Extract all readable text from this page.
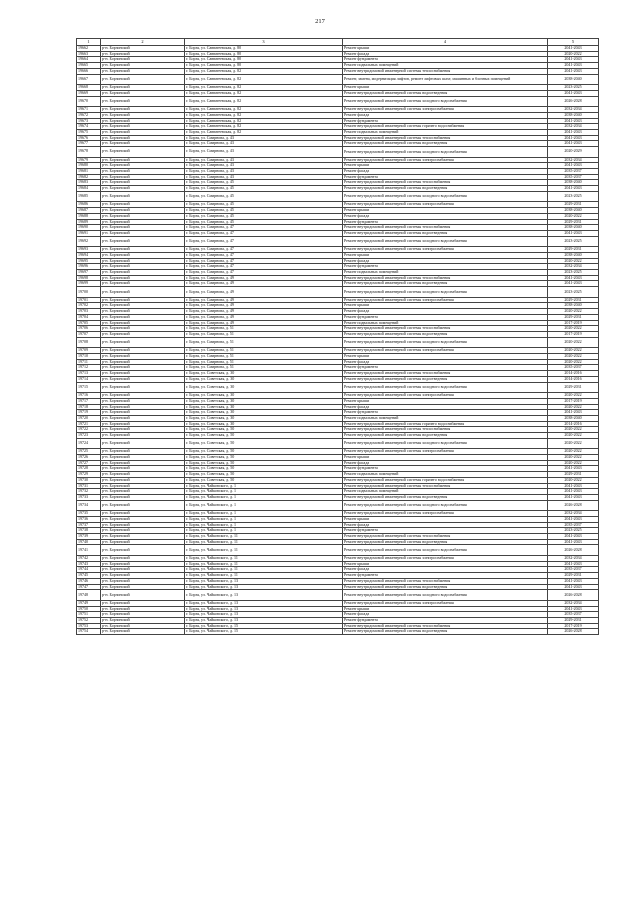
217
1	2	3	4	5
19662	р-н. Борзинский	г. Борзя, ул. Савватеевская, д. 80	Ремонт крыши	2041-2043
19663	р-н. Борзинский	г. Борзя, ул. Савватеевская, д. 80	Ремонт фасада	2020-2022
19664	р-н. Борзинский	г. Борзя, ул. Савватеевская, д. 80	Ремонт фундамента	2041-2043
19665	р-н. Борзинский	г. Борзя, ул. Савватеевская, д. 80	Ремонт подвальных помещений	2041-2043
19666	р-н. Борзинский	г. Борзя, ул. Савватеевская, д. 82	Ремонт внутридомовой инженерной системы теплоснабжения	2041-2043
19667	р-н. Борзинский	г. Борзя, ул. Савватеевская, д. 82	Ремонт, замена, модернизация лифтов, ремонт лифтовых шахт, машинных и блочных помещений	2038-2040
19668	р-н. Борзинский	г. Борзя, ул. Савватеевская, д. 82	Ремонт крыши	2023-2025
19669	р-н. Борзинский	г. Борзя, ул. Савватеевская, д. 82	Ремонт внутридомовой инженерной системы водоотведения	2041-2043
19670	р-н. Борзинский	г. Борзя, ул. Савватеевская, д. 82	Ремонт внутридомовой инженерной системы холодного водоснабжения	2026-2028
19671	р-н. Борзинский	г. Борзя, ул. Савватеевская, д. 82	Ремонт внутридомовой инженерной системы электроснабжения	2032-2034
19672	р-н. Борзинский	г. Борзя, ул. Савватеевская, д. 82	Ремонт фасада	2038-2040
19673	р-н. Борзинский	г. Борзя, ул. Савватеевская, д. 82	Ремонт фундамента	2041-2043
19674	р-н. Борзинский	г. Борзя, ул. Савватеевская, д. 82	Ремонт внутридомовой инженерной системы горячего водоснабжения	2032-2034
19675	р-н. Борзинский	г. Борзя, ул. Савватеевская, д. 82	Ремонт подвальных помещений	2041-2043
19676	р-н. Борзинский	г. Борзя, ул. Смирнова, д. 43	Ремонт внутридомовой инженерной системы теплоснабжения	2041-2043
19677	р-н. Борзинский	г. Борзя, ул. Смирнова, д. 43	Ремонт внутридомовой инженерной системы водоотведения	2041-2043
19678	р-н. Борзинский	г. Борзя, ул. Смирнова, д. 43	Ремонт внутридомовой инженерной системы холодного водоснабжения	2020-2029
19679	р-н. Борзинский	г. Борзя, ул. Смирнова, д. 43	Ремонт внутридомовой инженерной системы электроснабжения	2032-2034
19680	р-н. Борзинский	г. Борзя, ул. Смирнова, д. 43	Ремонт крыши	2041-2043
19681	р-н. Борзинский	г. Борзя, ул. Смирнова, д. 43	Ремонт фасада	2035-2037
19682	р-н. Борзинский	г. Борзя, ул. Смирнова, д. 43	Ремонт фундамента	2035-2037
19683	р-н. Борзинский	г. Борзя, ул. Смирнова, д. 45	Ремонт внутридомовой инженерной системы теплоснабжения	2038-2040
19684	р-н. Борзинский	г. Борзя, ул. Смирнова, д. 45	Ремонт внутридомовой инженерной системы водоотведения	2041-2043
19685	р-н. Борзинский	г. Борзя, ул. Смирнова, д. 45	Ремонт внутридомовой инженерной системы холодного водоснабжения	2023-2025
19686	р-н. Борзинский	г. Борзя, ул. Смирнова, д. 45	Ремонт внутридомовой инженерной системы электроснабжения	2029-2031
19687	р-н. Борзинский	г. Борзя, ул. Смирнова, д. 45	Ремонт крыши	2038-2040
19688	р-н. Борзинский	г. Борзя, ул. Смирнова, д. 45	Ремонт фасада	2020-2022
19689	р-н. Борзинский	г. Борзя, ул. Смирнова, д. 45	Ремонт фундамента	2029-2031
19690	р-н. Борзинский	г. Борзя, ул. Смирнова, д. 47	Ремонт внутридомовой инженерной системы теплоснабжения	2038-2040
19691	р-н. Борзинский	г. Борзя, ул. Смирнова, д. 47	Ремонт внутридомовой инженерной системы водоотведения	2041-2043
19692	р-н. Борзинский	г. Борзя, ул. Смирнова, д. 47	Ремонт внутридомовой инженерной системы холодного водоснабжения	2023-2025
19693	р-н. Борзинский	г. Борзя, ул. Смирнова, д. 47	Ремонт внутридомовой инженерной системы электроснабжения	2029-2031
19694	р-н. Борзинский	г. Борзя, ул. Смирнова, д. 47	Ремонт крыши	2038-2040
19695	р-н. Борзинский	г. Борзя, ул. Смирнова, д. 47	Ремонт фасада	2020-2022
19696	р-н. Борзинский	г. Борзя, ул. Смирнова, д. 47	Ремонт фундамента	2032-2034
19697	р-н. Борзинский	г. Борзя, ул. Смирнова, д. 47	Ремонт подвальных помещений	2023-2025
19698	р-н. Борзинский	г. Борзя, ул. Смирнова, д. 49	Ремонт внутридомовой инженерной системы теплоснабжения	2041-2043
19699	р-н. Борзинский	г. Борзя, ул. Смирнова, д. 49	Ремонт внутридомовой инженерной системы водоотведения	2041-2043
19700	р-н. Борзинский	г. Борзя, ул. Смирнова, д. 49	Ремонт внутридомовой инженерной системы холодного водоснабжения	2023-2025
19701	р-н. Борзинский	г. Борзя, ул. Смирнова, д. 49	Ремонт внутридомовой инженерной системы электроснабжения	2029-2031
19702	р-н. Борзинский	г. Борзя, ул. Смирнова, д. 49	Ремонт крыши	2038-2040
19703	р-н. Борзинский	г. Борзя, ул. Смирнова, д. 49	Ремонт фасада	2020-2022
19704	р-н. Борзинский	г. Борзя, ул. Смирнова, д. 49	Ремонт фундамента	2029-2031
19705	р-н. Борзинский	г. Борзя, ул. Смирнова, д. 49	Ремонт подвальных помещений	2017-2019
19706	р-н. Борзинский	г. Борзя, ул. Смирнова, д. 51	Ремонт внутридомовой инженерной системы теплоснабжения	2020-2022
19707	р-н. Борзинский	г. Борзя, ул. Смирнова, д. 51	Ремонт внутридомовой инженерной системы водоотведения	2017-2019
19708	р-н. Борзинский	г. Борзя, ул. Смирнова, д. 51	Ремонт внутридомовой инженерной системы холодного водоснабжения	2020-2022
19709	р-н. Борзинский	г. Борзя, ул. Смирнова, д. 51	Ремонт внутридомовой инженерной системы электроснабжения	2020-2022
19710	р-н. Борзинский	г. Борзя, ул. Смирнова, д. 51	Ремонт крыши	2020-2022
19711	р-н. Борзинский	г. Борзя, ул. Смирнова, д. 51	Ремонт фасада	2020-2022
19712	р-н. Борзинский	г. Борзя, ул. Смирнова, д. 51	Ремонт фундамента	2035-2037
19713	р-н. Борзинский	г. Борзя, ул. Советская, д. 30	Ремонт внутридомовой инженерной системы теплоснабжения	2014-2016
19714	р-н. Борзинский	г. Борзя, ул. Советская, д. 30	Ремонт внутридомовой инженерной системы водоотведения	2014-2016
19715	р-н. Борзинский	г. Борзя, ул. Советская, д. 30	Ремонт внутридомовой инженерной системы холодного водоснабжения	2029-2031
19716	р-н. Борзинский	г. Борзя, ул. Советская, д. 30	Ремонт внутридомовой инженерной системы электроснабжения	2020-2022
19717	р-н. Борзинский	г. Борзя, ул. Советская, д. 30	Ремонт крыши	2017-2019
19718	р-н. Борзинский	г. Борзя, ул. Советская, д. 30	Ремонт фасада	2020-2022
19719	р-н. Борзинский	г. Борзя, ул. Советская, д. 30	Ремонт фундамента	2041-2043
19720	р-н. Борзинский	г. Борзя, ул. Советская, д. 30	Ремонт подвальных помещений	2038-2040
19721	р-н. Борзинский	г. Борзя, ул. Советская, д. 30	Ремонт внутридомовой инженерной системы горячего водоснабжения	2014-2016
19722	р-н. Борзинский	г. Борзя, ул. Советская, д. 50	Ремонт внутридомовой инженерной системы теплоснабжения	2020-2022
19723	р-н. Борзинский	г. Борзя, ул. Советская, д. 50	Ремонт внутридомовой инженерной системы водоотведения	2020-2022
19724	р-н. Борзинский	г. Борзя, ул. Советская, д. 50	Ремонт внутридомовой инженерной системы холодного водоснабжения	2020-2022
19725	р-н. Борзинский	г. Борзя, ул. Советская, д. 50	Ремонт внутридомовой инженерной системы электроснабжения	2020-2022
19726	р-н. Борзинский	г. Борзя, ул. Советская, д. 50	Ремонт крыши	2020-2022
19727	р-н. Борзинский	г. Борзя, ул. Советская, д. 50	Ремонт фасада	2020-2022
19728	р-н. Борзинский	г. Борзя, ул. Советская, д. 50	Ремонт фундамента	2041-2043
19729	р-н. Борзинский	г. Борзя, ул. Советская, д. 50	Ремонт подвальных помещений	2029-2031
19730	р-н. Борзинский	г. Борзя, ул. Советская, д. 50	Ремонт внутридомовой инженерной системы горячего водоснабжения	2020-2022
19731	р-н. Борзинский	г. Борзя, ул. Чайковского, д. 1	Ремонт внутридомовой инженерной системы теплоснабжения	2041-2043
19732	р-н. Борзинский	г. Борзя, ул. Чайковского, д. 1	Ремонт подвальных помещений	2041-2043
19733	р-н. Борзинский	г. Борзя, ул. Чайковского, д. 1	Ремонт внутридомовой инженерной системы водоотведения	2041-2043
19734	р-н. Борзинский	г. Борзя, ул. Чайковского, д. 1	Ремонт внутридомовой инженерной системы холодного водоснабжения	2026-2028
19735	р-н. Борзинский	г. Борзя, ул. Чайковского, д. 1	Ремонт внутридомовой инженерной системы электроснабжения	2032-2034
19736	р-н. Борзинский	г. Борзя, ул. Чайковского, д. 1	Ремонт крыши	2041-2043
19737	р-н. Борзинский	г. Борзя, ул. Чайковского, д. 1	Ремонт фасада	2035-2037
19738	р-н. Борзинский	г. Борзя, ул. Чайковского, д. 1	Ремонт фундамента	2023-2025
19739	р-н. Борзинский	г. Борзя, ул. Чайковского, д. 11	Ремонт внутридомовой инженерной системы теплоснабжения	2041-2043
19740	р-н. Борзинский	г. Борзя, ул. Чайковского, д. 11	Ремонт внутридомовой инженерной системы водоотведения	2041-2043
19741	р-н. Борзинский	г. Борзя, ул. Чайковского, д. 11	Ремонт внутридомовой инженерной системы холодного водоснабжения	2026-2028
19742	р-н. Борзинский	г. Борзя, ул. Чайковского, д. 11	Ремонт внутридомовой инженерной системы электроснабжения	2032-2034
19743	р-н. Борзинский	г. Борзя, ул. Чайковского, д. 11	Ремонт крыши	2041-2043
19744	р-н. Борзинский	г. Борзя, ул. Чайковского, д. 11	Ремонт фасада	2035-2037
19745	р-н. Борзинский	г. Борзя, ул. Чайковского, д. 11	Ремонт фундамента	2029-2031
19746	р-н. Борзинский	г. Борзя, ул. Чайковского, д. 13	Ремонт внутридомовой инженерной системы теплоснабжения	2041-2043
19747	р-н. Борзинский	г. Борзя, ул. Чайковского, д. 13	Ремонт внутридомовой инженерной системы водоотведения	2041-2043
19748	р-н. Борзинский	г. Борзя, ул. Чайковского, д. 13	Ремонт внутридомовой инженерной системы холодного водоснабжения	2026-2028
19749	р-н. Борзинский	г. Борзя, ул. Чайковского, д. 13	Ремонт внутридомовой инженерной системы электроснабжения	2032-2034
19750	р-н. Борзинский	г. Борзя, ул. Чайковского, д. 13	Ремонт крыши	2041-2043
19751	р-н. Борзинский	г. Борзя, ул. Чайковского, д. 13	Ремонт фасада	2035-2037
19752	р-н. Борзинский	г. Борзя, ул. Чайковского, д. 13	Ремонт фундамента	2029-2031
19753	р-н. Борзинский	г. Борзя, ул. Чайковского, д. 15	Ремонт внутридомовой инженерной системы теплоснабжения	2017-2019
19754	р-н. Борзинский	г. Борзя, ул. Чайковского, д. 15	Ремонт внутридомовой инженерной системы водоотведения	2026-2028
